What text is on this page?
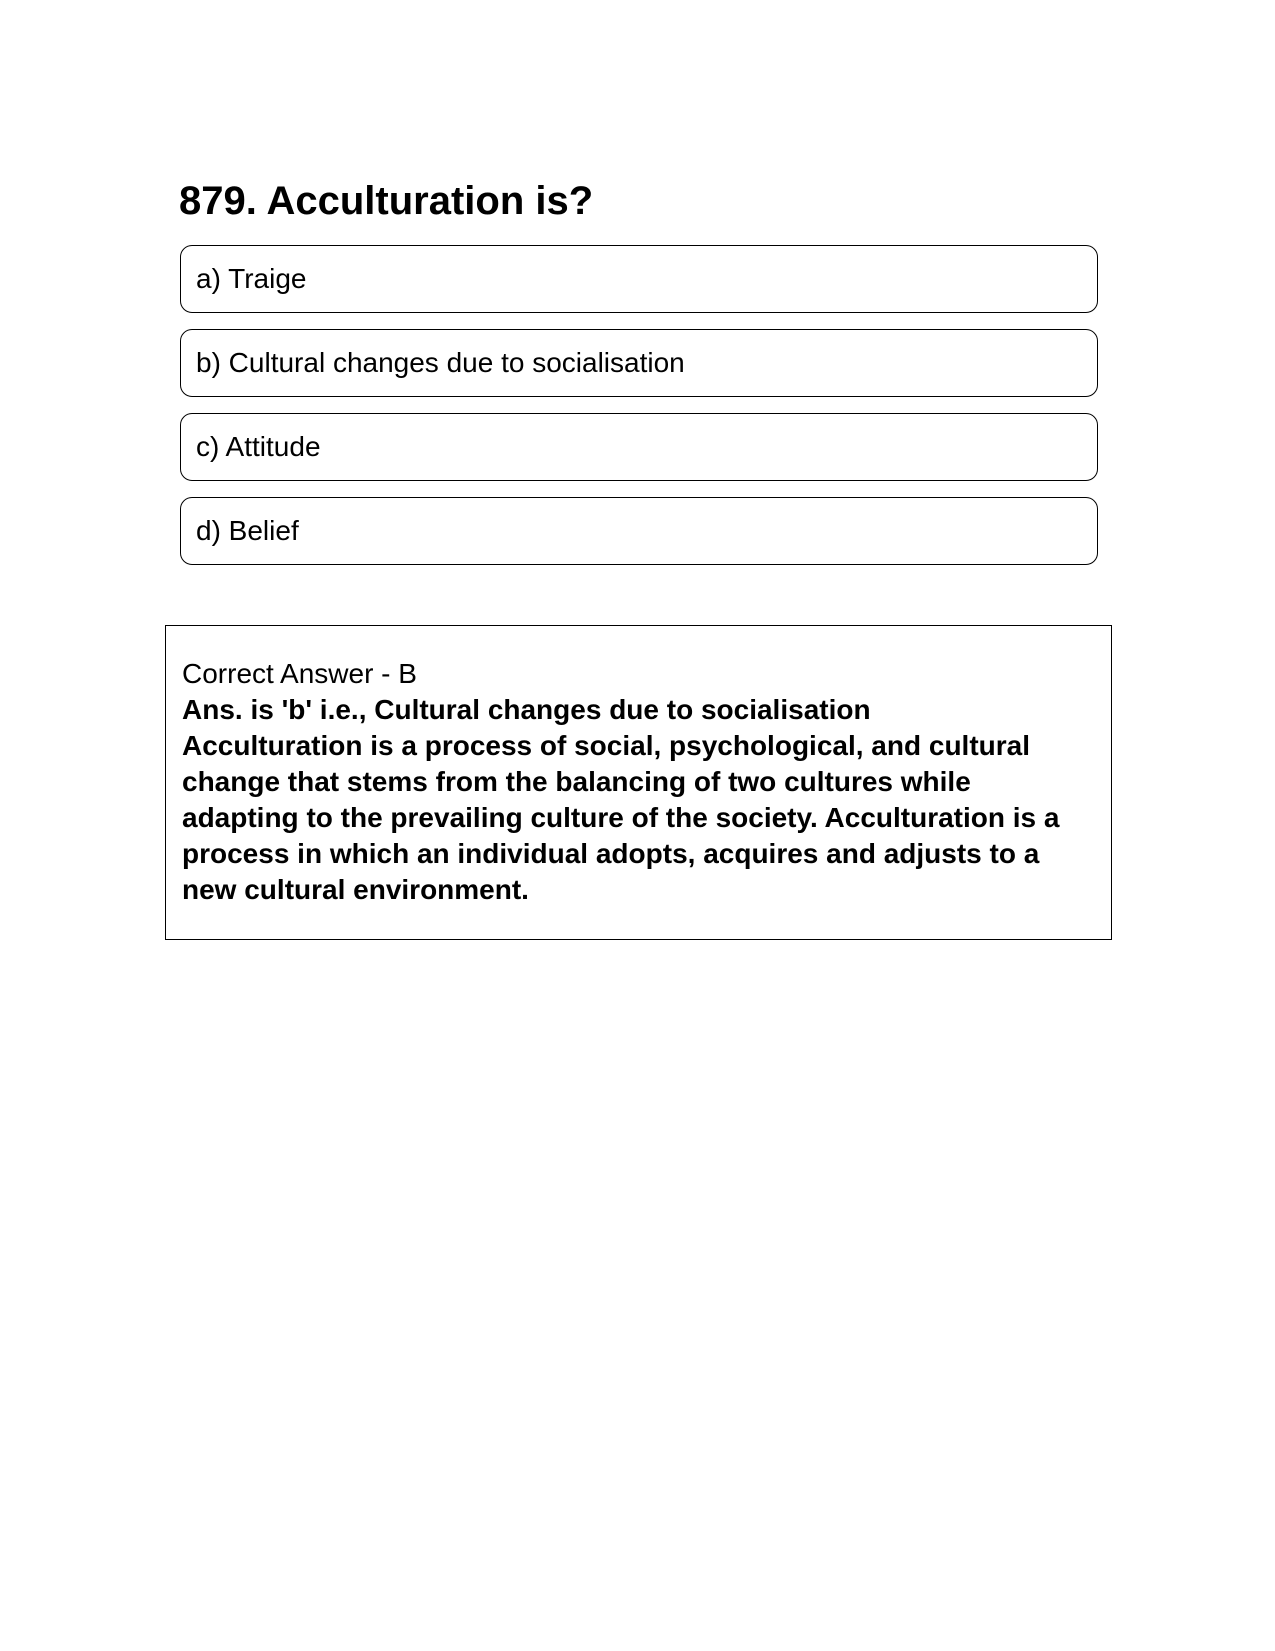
879. Acculturation is?
a) Traige
b) Cultural changes due to socialisation
c) Attitude
d) Belief

Correct Answer - B

Ans. is 'b' i.e., Cultural changes due to socialisation

Acculturation is a process of social, psychological, and cultural change that stems from the balancing of two cultures while adapting to the prevailing culture of the society. Acculturation is a process in which an individual adopts, acquires and adjusts to a new cultural environment.
